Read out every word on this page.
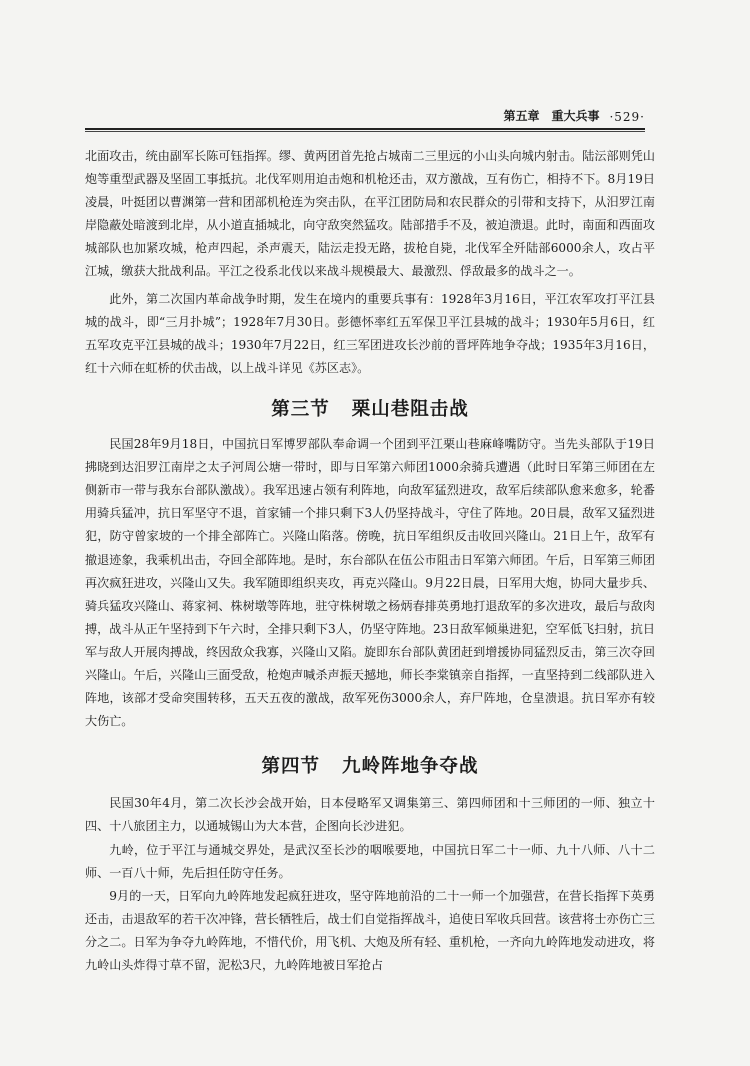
第五章　重大兵事 ·529·

北面攻击，统由副军长陈可钰指挥。缪、黄两团首先抢占城南二三里远的小山头向城内射击。陆沄部则凭山炮等重型武器及坚固工事抵抗。北伐军则用迫击炮和机枪还击，双方激战，互有伤亡，相持不下。8月19日凌晨，叶挺团以曹渊第一营和团部机枪连为突击队，在平江团防局和农民群众的引带和支持下，从汨罗江南岸隐蔽处暗渡到北岸，从小道直插城北，向守敌突然猛攻。陆部措手不及，被迫溃退。此时，南面和西面攻城部队也加紧攻城，枪声四起，杀声震天，陆沄走投无路，拔枪自毙，北伐军全歼陆部6000余人，攻占平江城，缴获大批战利品。平江之役系北伐以来战斗规模最大、最激烈、俘敌最多的战斗之一。

此外，第二次国内革命战争时期，发生在境内的重要兵事有：1928年3月16日，平江农军攻打平江县城的战斗，即“三月扑城”；1928年7月30日。彭德怀率红五军保卫平江县城的战斗；1930年5月6日，红五军攻克平江县城的战斗；1930年7月22日，红三军团进攻长沙前的晋坪阵地争夺战；1935年3月16日，红十六师在虹桥的伏击战，以上战斗详见《苏区志》。

第三节 栗山巷阻击战

民国28年9月18日，中国抗日军博罗部队奉命调一个团到平江栗山巷麻峰嘴防守。当先头部队于19日拂晓到达汨罗江南岸之太子河周公塘一带时，即与日军第六师团1000余骑兵遭遇（此时日军第三师团在左侧新市一带与我东台部队激战）。我军迅速占领有利阵地，向敌军猛烈进攻，敌军后续部队愈来愈多，轮番用骑兵猛冲，抗日军坚守不退，首家铺一个排只剩下3人仍坚持战斗，守住了阵地。20日晨，敌军又猛烈进犯，防守曾家坡的一个排全部阵亡。兴隆山陷落。傍晚，抗日军组织反击收回兴隆山。21日上午，敌军有撤退迹象，我乘机出击，夺回全部阵地。是时，东台部队在伍公市阻击日军第六师团。午后，日军第三师团再次疯狂进攻，兴隆山又失。我军随即组织夹攻，再克兴隆山。9月22日晨，日军用大炮，协同大量步兵、骑兵猛攻兴隆山、蒋家祠、株树墩等阵地，驻守株树墩之杨炳春排英勇地打退敌军的多次进攻，最后与敌肉搏，战斗从正午坚持到下午六时，全排只剩下3人，仍坚守阵地。23日敌军倾巢进犯，空军低飞扫射，抗日军与敌人开展肉搏战，终因敌众我寡，兴隆山又陷。旋即东台部队黄团赶到增援协同猛烈反击，第三次夺回兴隆山。午后，兴隆山三面受敌，枪炮声喊杀声振天撼地，师长李棠镇亲自指挥，一直坚持到二线部队进入阵地，该部才受命突围转移，五天五夜的激战，敌军死伤3000余人，弃尸阵地，仓皇溃退。抗日军亦有较大伤亡。

第四节 九岭阵地争夺战

民国30年4月，第二次长沙会战开始，日本侵略军又调集第三、第四师团和十三师团的一师、独立十四、十八旅团主力，以通城锡山为大本营，企图向长沙进犯。

九岭，位于平江与通城交界处，是武汉至长沙的咽喉要地，中国抗日军二十一师、九十八师、八十二师、一百八十师，先后担任防守任务。

9月的一天，日军向九岭阵地发起疯狂进攻，坚守阵地前沿的二十一师一个加强营，在营长指挥下英勇还击，击退敌军的若干次冲锋，营长牺牲后，战士们自觉指挥战斗，追使日军收兵回营。该营将士亦伤亡三分之二。日军为争夺九岭阵地，不惜代价，用飞机、大炮及所有轻、重机枪，一齐向九岭阵地发动进攻，将九岭山头炸得寸草不留，泥松3尺，九岭阵地被日军抢占
